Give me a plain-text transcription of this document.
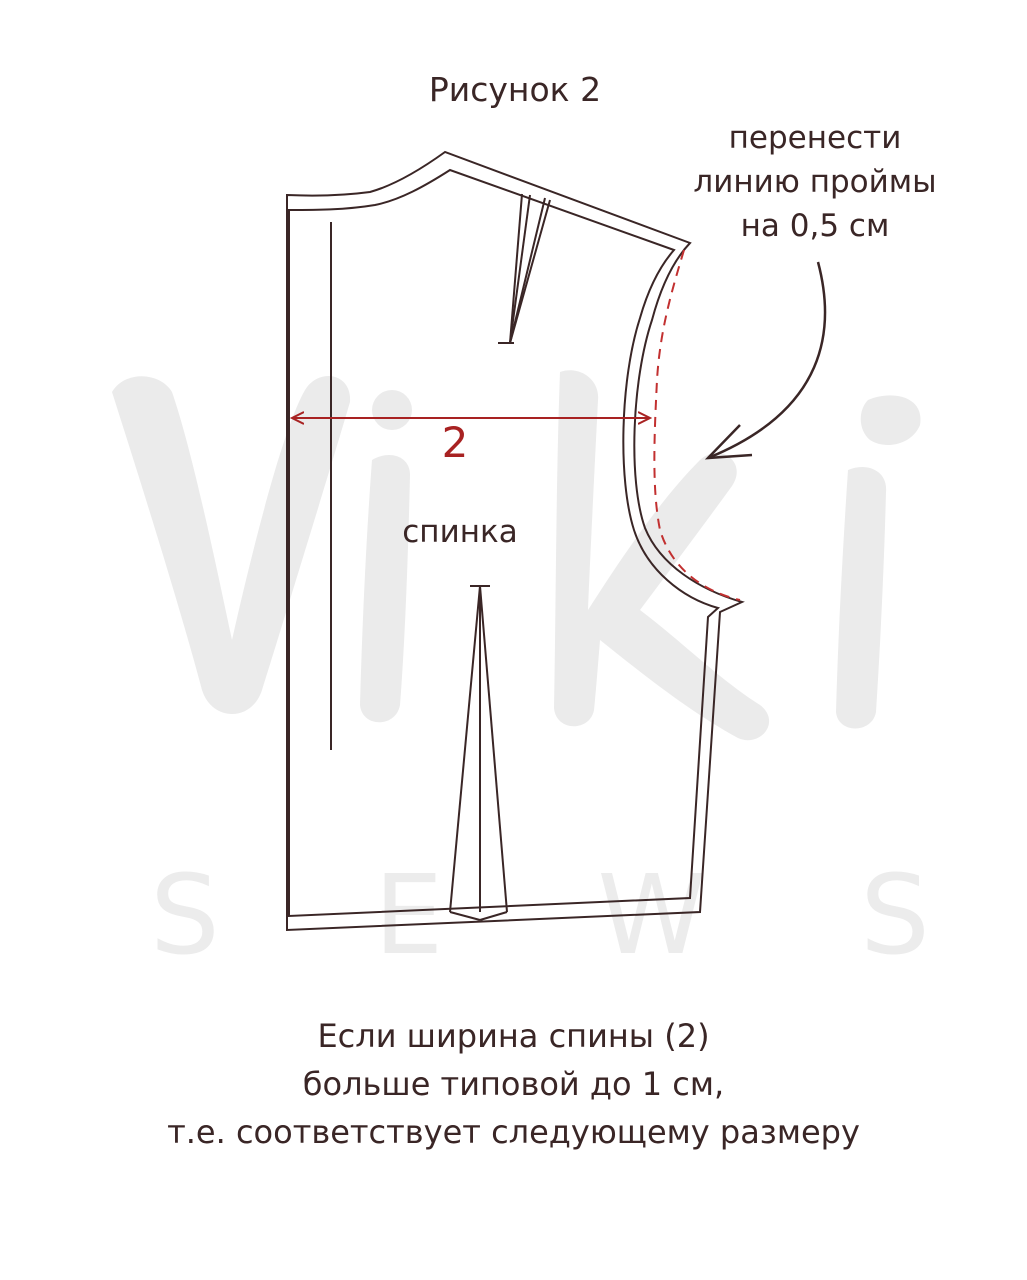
S E W S
Рисунок 2
перенести
линию проймы
на 0,5 см
2
спинка
Если ширина спины (2)
больше типовой до 1 см,
т.е. соответствует следующему размеру
